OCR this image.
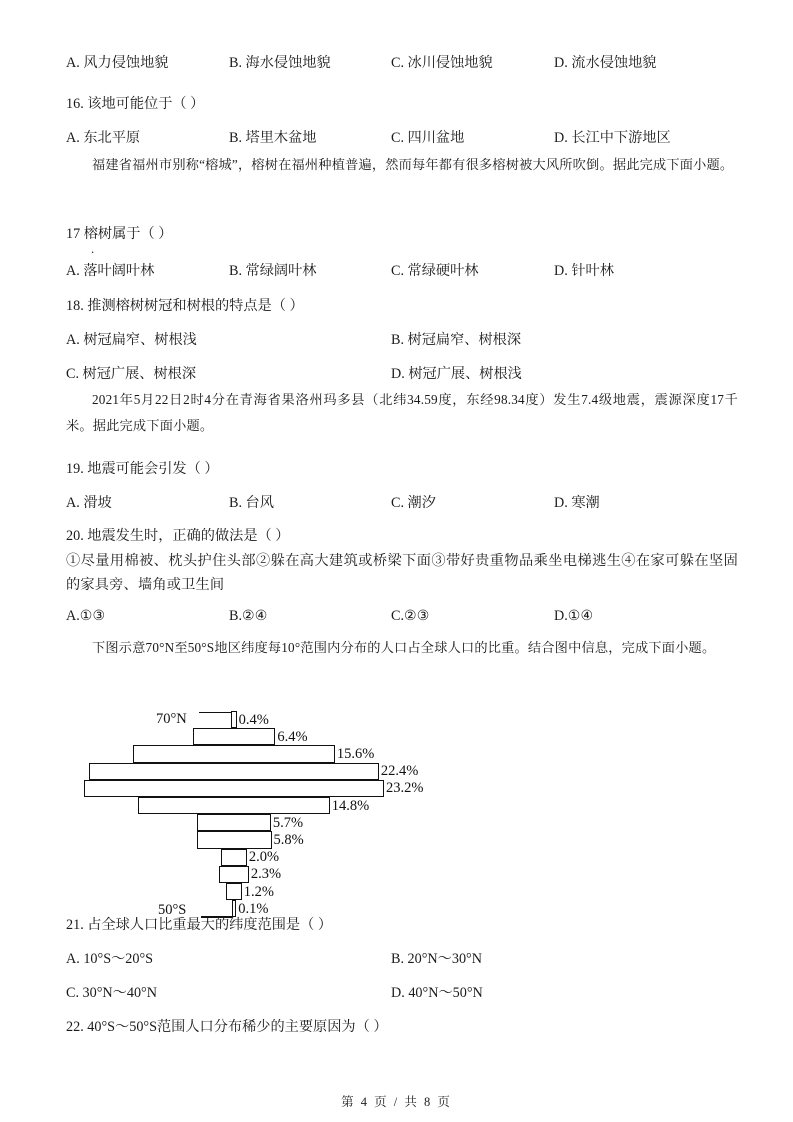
A. 风力侵蚀地貌	B. 海水侵蚀地貌	C. 冰川侵蚀地貌	D. 流水侵蚀地貌
16. 该地可能位于（ ）
A. 东北平原	B. 塔里木盆地	C. 四川盆地	D. 长江中下游地区

福建省福州市别称“榕城”，榕树在福州种植普遍，然而每年都有很多榕树被大风所吹倒。据此完成下面小题。

17 榕树属于（ ）
.
A. 落叶阔叶林	B. 常绿阔叶林	C. 常绿硬叶林	D. 针叶林
18. 推测榕树树冠和树根的特点是（ ）
A. 树冠扁窄、树根浅	B. 树冠扁窄、树根深
C. 树冠广展、树根深	D. 树冠广展、树根浅

2021年5月22日2时4分在青海省果洛州玛多县（北纬34.59度，东经98.34度）发生7.4级地震，震源深度17千米。据此完成下面小题。

19. 地震可能会引发（ ）
A. 滑坡	B. 台风	C. 潮汐	D. 寒潮
20. 地震发生时，正确的做法是（ ）

①尽量用棉被、枕头护住头部②躲在高大建筑或桥梁下面③带好贵重物品乘坐电梯逃生④在家可躲在坚固的家具旁、墙角或卫生间

A.①③	B.②④	C.②③	D.①④

下图示意70°N至50°S地区纬度每10°范围内分布的人口占全球人口的比重。结合图中信息，完成下面小题。

0.4%
6.4%
15.6%
22.4%
23.2%
14.8%
5.7%
5.8%
2.0%
2.3%
1.2%
0.1%
70°N
50°S
21. 占全球人口比重最大的纬度范围是（ ）
A. 10°S～20°S	B. 20°N～30°N
C. 30°N～40°N	D. 40°N～50°N
22. 40°S～50°S范围人口分布稀少的主要原因为（ ）
第 4 页 / 共 8 页
